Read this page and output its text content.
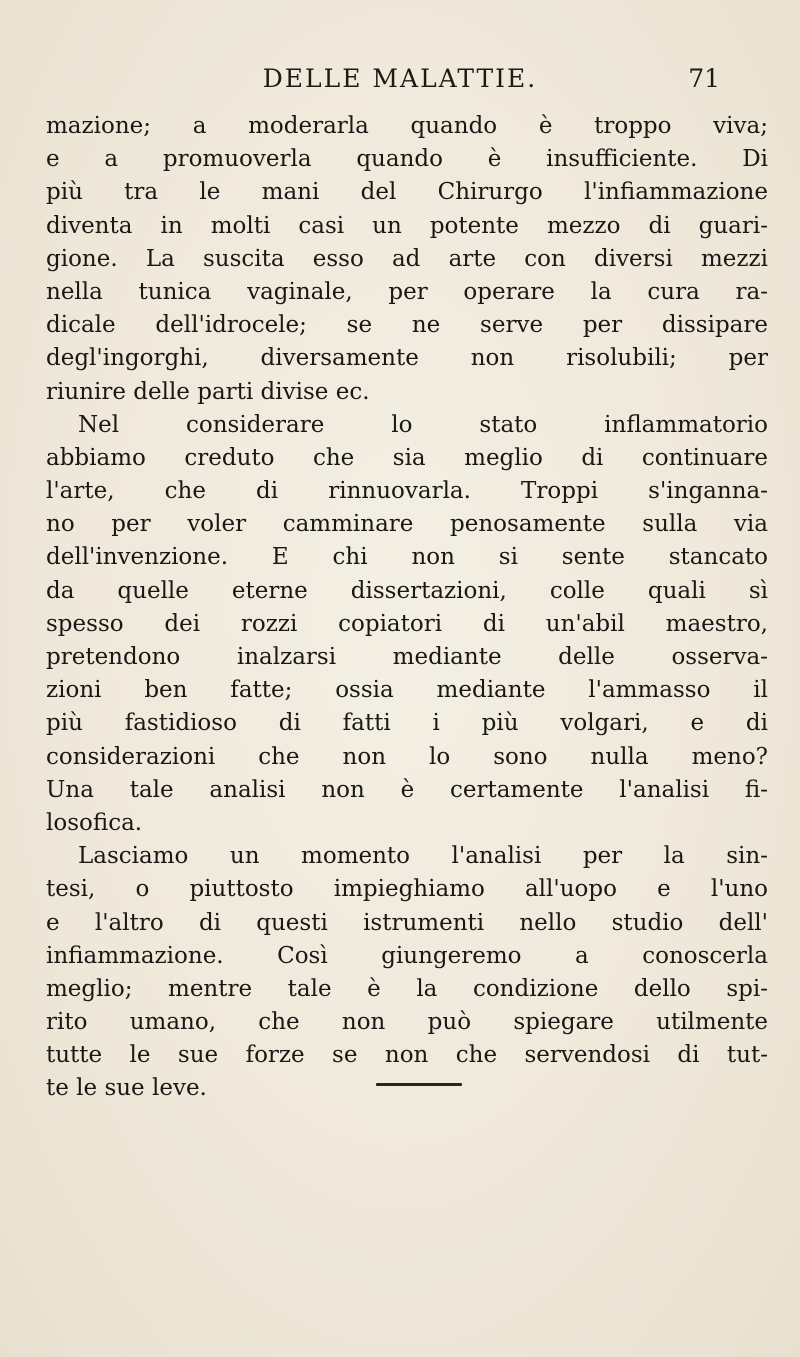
DELLE MALATTIE.	71
mazione; a moderarla quando è troppo viva;
e a promuoverla quando è insufficiente. Di
più tra le mani del Chirurgo l'infiammazione
diventa in molti casi un potente mezzo di guari-
gione. La suscita esso ad arte con diversi mezzi
nella tunica vaginale, per operare la cura ra-
dicale dell'idrocele; se ne serve per dissipare
degl'ingorghi, diversamente non risolubili; per
riunire delle parti divise ec.
Nel considerare lo stato inflammatorio
abbiamo creduto che sia meglio di continuare
l'arte, che di rinnuovarla. Troppi s'inganna-
no per voler camminare penosamente sulla via
dell'invenzione. E chi non si sente stancato
da quelle eterne dissertazioni, colle quali sì
spesso dei rozzi copiatori di un'abil maestro,
pretendono inalzarsi mediante delle osserva-
zioni ben fatte; ossia mediante l'ammasso il
più fastidioso di fatti i più volgari, e di
considerazioni che non lo sono nulla meno?
Una tale analisi non è certamente l'analisi fi-
losofica.
Lasciamo un momento l'analisi per la sin-
tesi, o piuttosto impieghiamo all'uopo e l'uno
e l'altro di questi istrumenti nello studio dell'
infiammazione. Così giungeremo a conoscerla
meglio; mentre tale è la condizione dello spi-
rito umano, che non può spiegare utilmente
tutte le sue forze se non che servendosi di tut-
te le sue leve.
